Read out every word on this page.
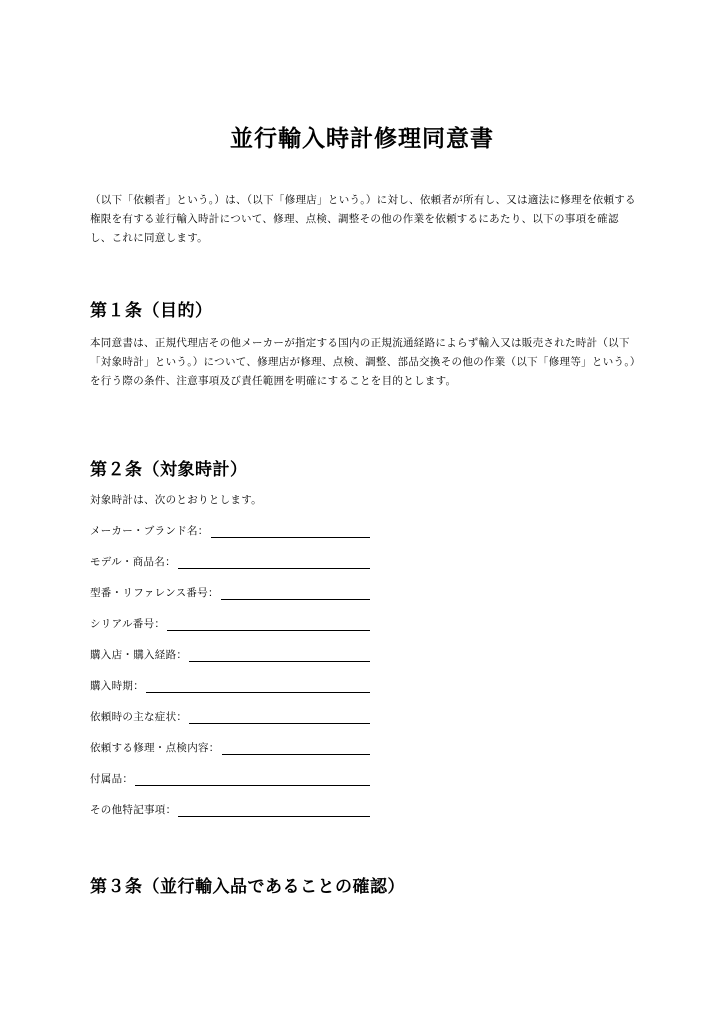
並行輸入時計修理同意書

（以下「依頼者」という。）は、（以下「修理店」という。）に対し、依頼者が所有し、又は適法に修理を依頼する権限を有する並行輸入時計について、修理、点検、調整その他の作業を依頼するにあたり、以下の事項を確認し、これに同意します。

第１条（目的）

本同意書は、正規代理店その他メーカーが指定する国内の正規流通経路によらず輸入又は販売された時計（以下「対象時計」という。）について、修理店が修理、点検、調整、部品交換その他の作業（以下「修理等」という。）を行う際の条件、注意事項及び責任範囲を明確にすることを目的とします。

第２条（対象時計）

対象時計は、次のとおりとします。

メーカー・ブランド名：
モデル・商品名：
型番・リファレンス番号：
シリアル番号：
購入店・購入経路：
購入時期：
依頼時の主な症状：
依頼する修理・点検内容：
付属品：
その他特記事項：
第３条（並行輸入品であることの確認）
